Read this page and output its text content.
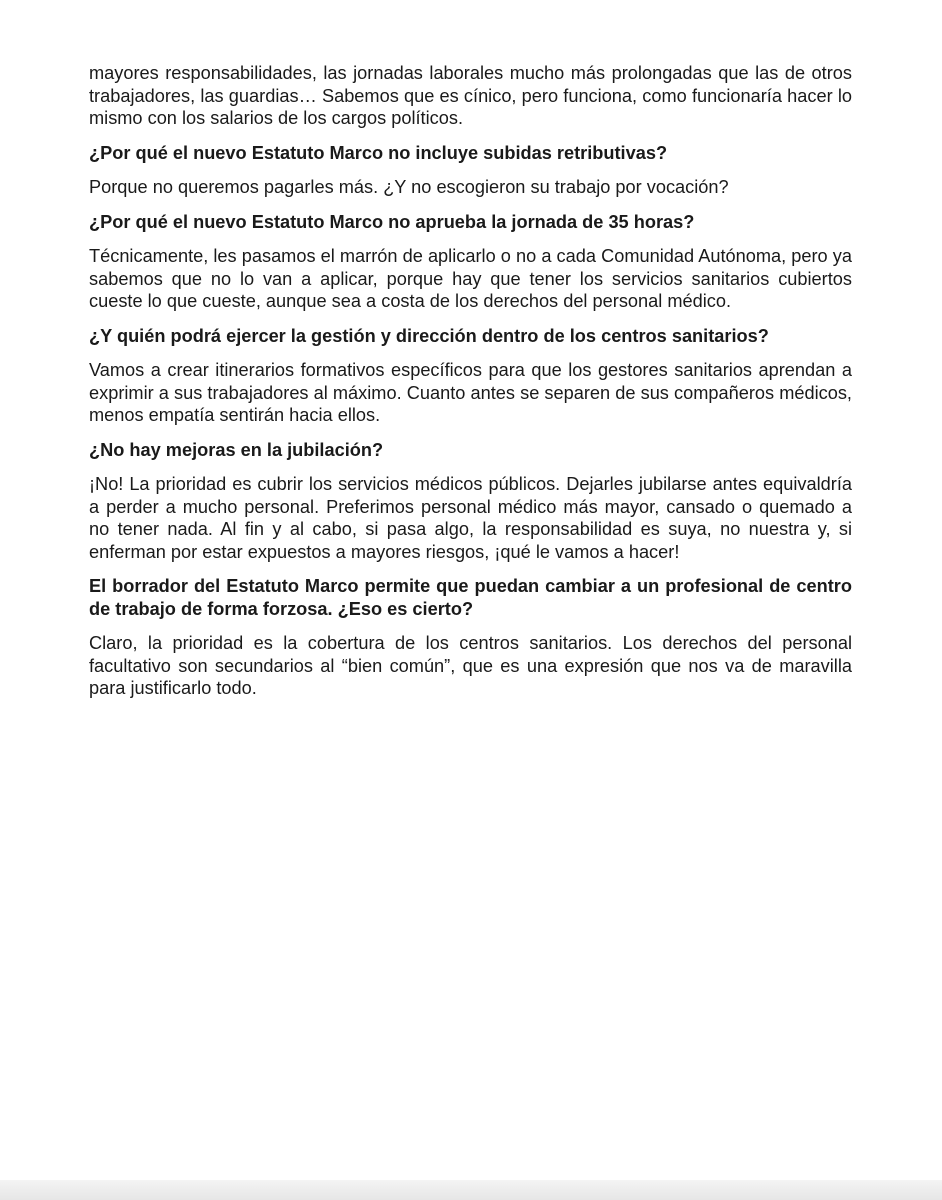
mayores responsabilidades, las jornadas laborales mucho más prolongadas que las de otros trabajadores, las guardias… Sabemos que es cínico, pero funciona, como funcionaría hacer lo mismo con los salarios de los cargos políticos.

¿Por qué el nuevo Estatuto Marco no incluye subidas retributivas?

Porque no queremos pagarles más. ¿Y no escogieron su trabajo por vocación?

¿Por qué el nuevo Estatuto Marco no aprueba la jornada de 35 horas?

Técnicamente, les pasamos el marrón de aplicarlo o no a cada Comunidad Autónoma, pero ya sabemos que no lo van a aplicar, porque hay que tener los servicios sanitarios cubiertos cueste lo que cueste, aunque sea a costa de los derechos del personal médico.

¿Y quién podrá ejercer la gestión y dirección dentro de los centros sanitarios?

Vamos a crear itinerarios formativos específicos para que los gestores sanitarios aprendan a exprimir a sus trabajadores al máximo. Cuanto antes se separen de sus compañeros médicos, menos empatía sentirán hacia ellos.

¿No hay mejoras en la jubilación?

¡No! La prioridad es cubrir los servicios médicos públicos. Dejarles jubilarse antes equivaldría a perder a mucho personal. Preferimos personal médico más mayor, cansado o quemado a no tener nada. Al fin y al cabo, si pasa algo, la responsabilidad es suya, no nuestra y, si enferman por estar expuestos a mayores riesgos, ¡qué le vamos a hacer!

El borrador del Estatuto Marco permite que puedan cambiar a un profesional de centro de trabajo de forma forzosa. ¿Eso es cierto?

Claro, la prioridad es la cobertura de los centros sanitarios. Los derechos del personal facultativo son secundarios al “bien común”, que es una expresión que nos va de maravilla para justificarlo todo.
